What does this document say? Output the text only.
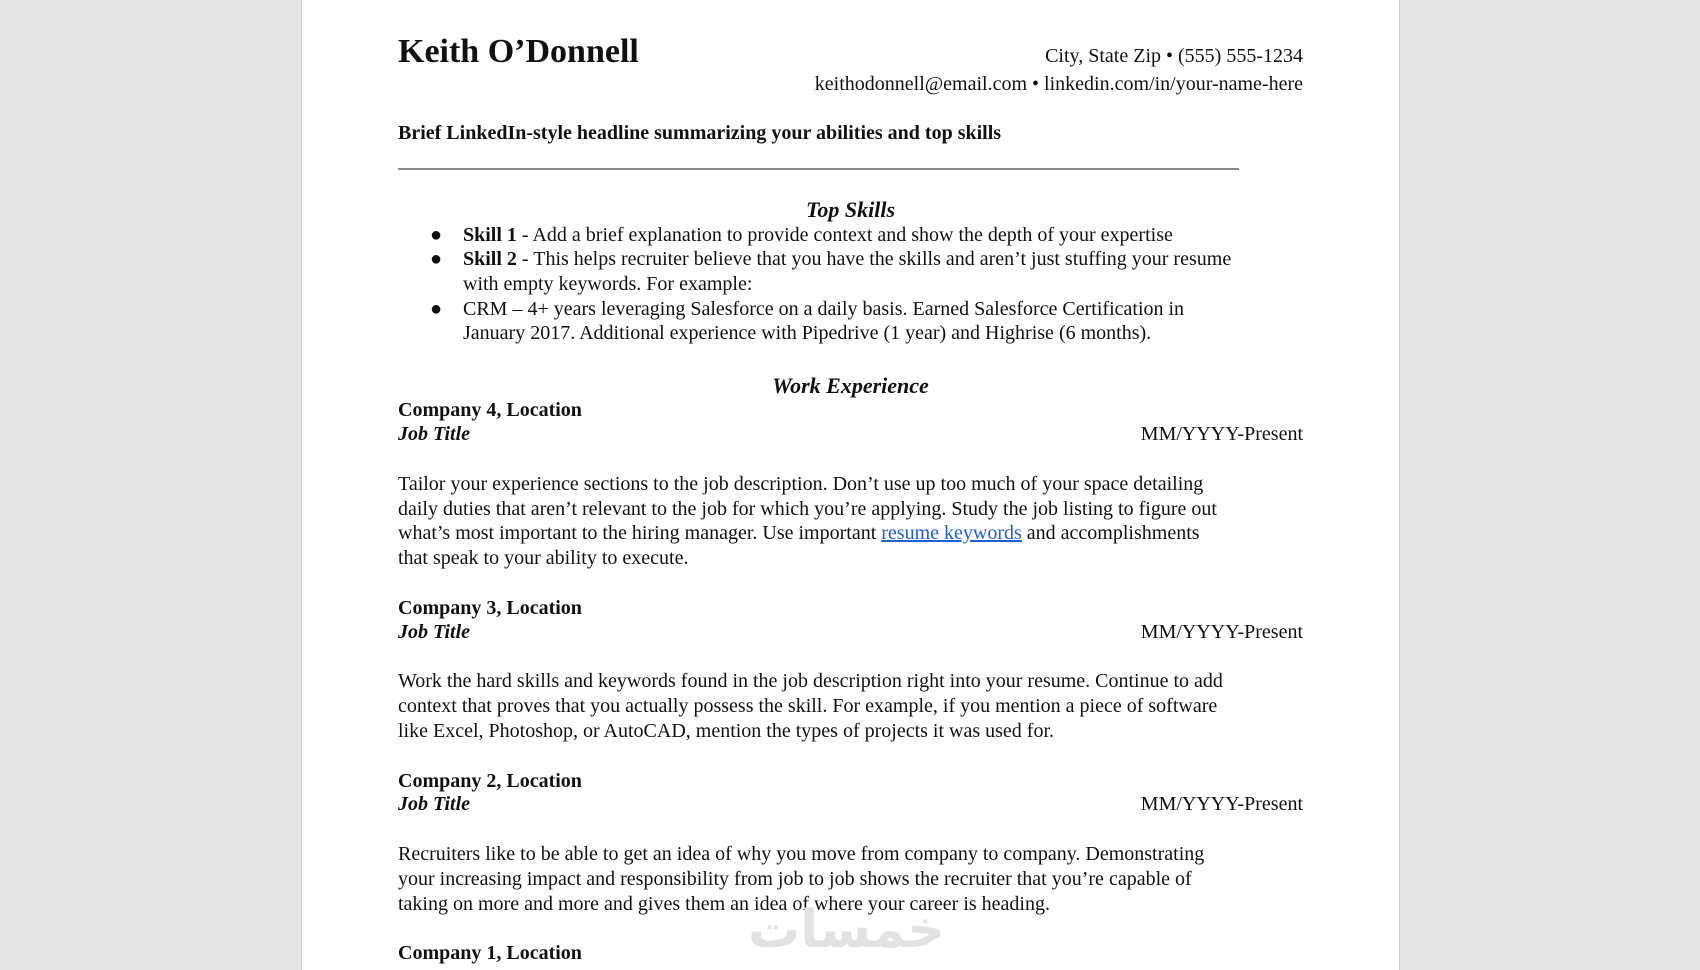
Keith O’Donnell	City, State Zip • (555) 555-1234
keithodonnell@email.com • linkedin.com/in/your-name-here
Brief LinkedIn-style headline summarizing your abilities and top skills
Top Skills
● Skill 1 - Add a brief explanation to provide context and show the depth of your expertise
● Skill 2 - This helps recruiter believe that you have the skills and aren’t just stuffing your resume
with empty keywords. For example:
● CRM – 4+ years leveraging Salesforce on a daily basis. Earned Salesforce Certification in
January 2017. Additional experience with Pipedrive (1 year) and Highrise (6 months).
Work Experience
Company 4, Location
Job Title	MM/YYYY-Present
Tailor your experience sections to the job description. Don’t use up too much of your space detailing
daily duties that aren’t relevant to the job for which you’re applying. Study the job listing to figure out
what’s most important to the hiring manager. Use important resume keywords and accomplishments
that speak to your ability to execute.
Company 3, Location
Job Title	MM/YYYY-Present
Work the hard skills and keywords found in the job description right into your resume. Continue to add
context that proves that you actually possess the skill. For example, if you mention a piece of software
like Excel, Photoshop, or AutoCAD, mention the types of projects it was used for.
Company 2, Location
Job Title	MM/YYYY-Present
Recruiters like to be able to get an idea of why you move from company to company. Demonstrating
your increasing impact and responsibility from job to job shows the recruiter that you’re capable of
taking on more and more and gives them an idea of where your career is heading.
خمسات
Company 1, Location
